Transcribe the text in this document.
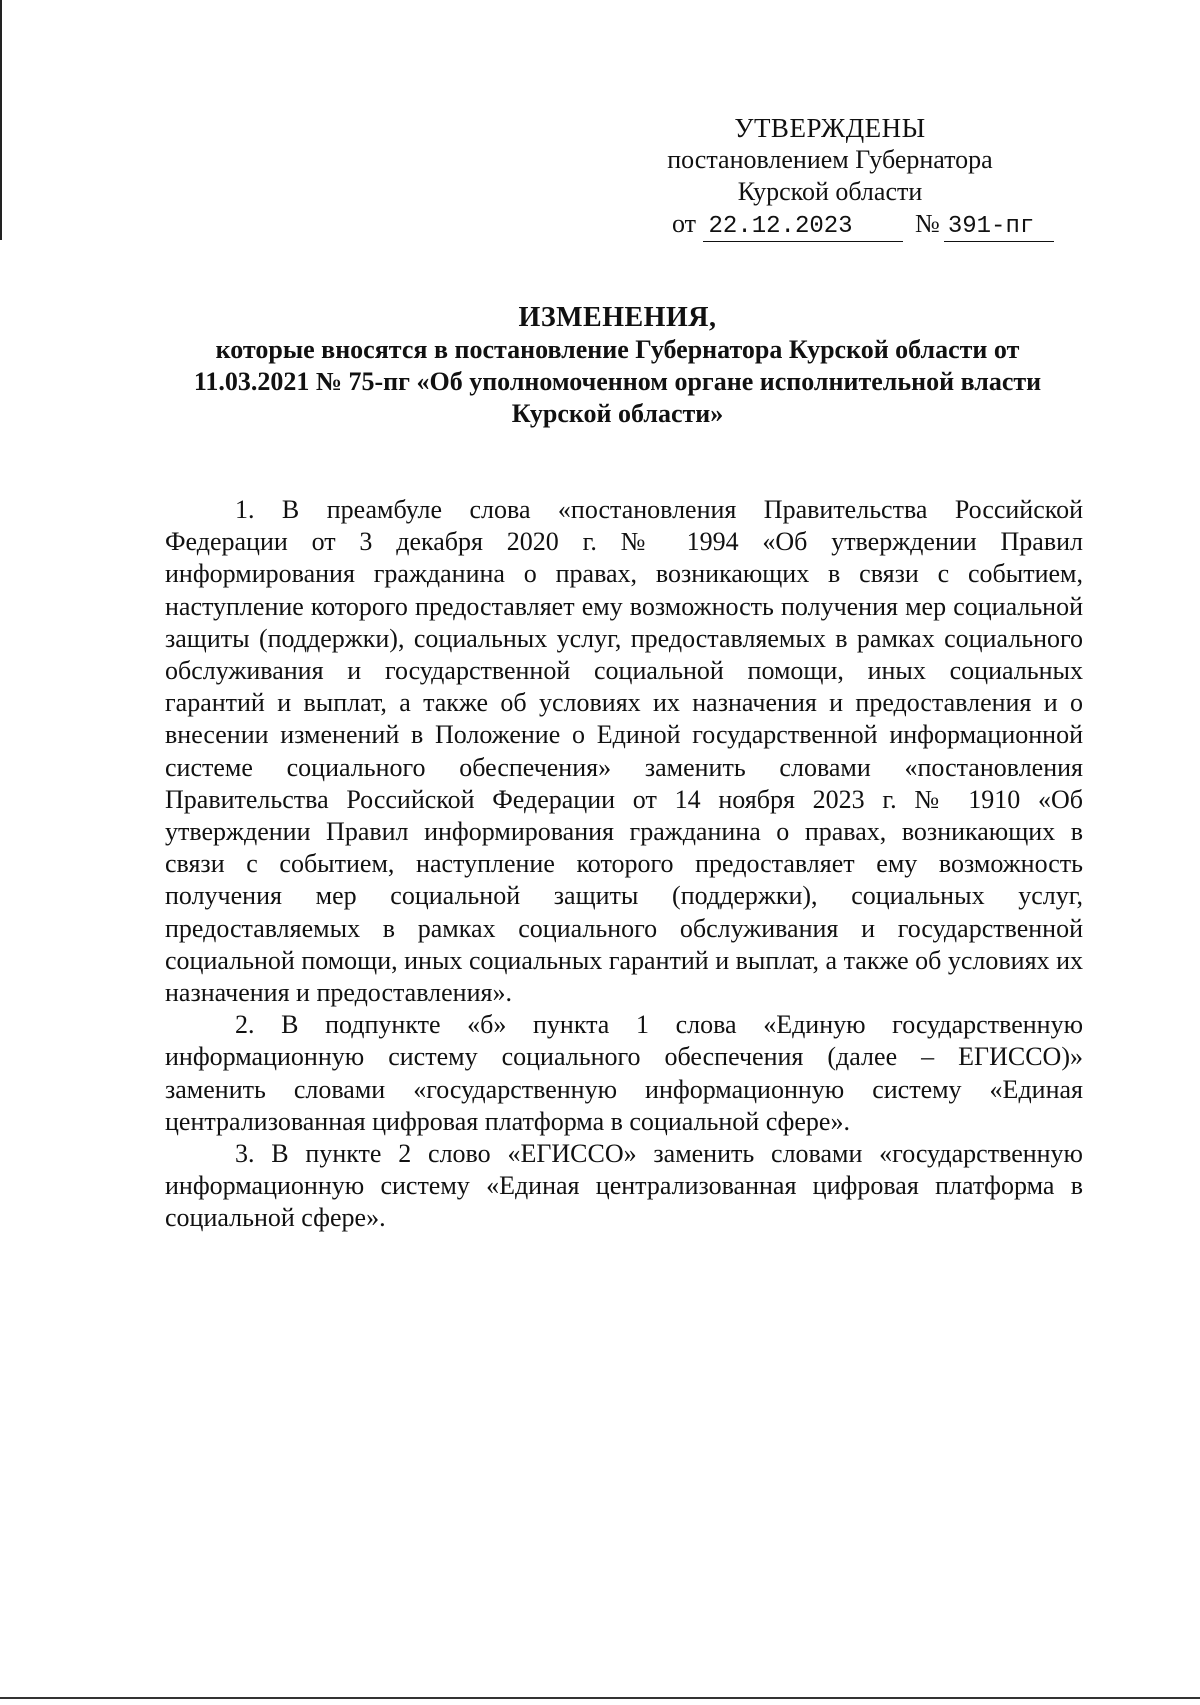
УТВЕРЖДЕНЫ
постановлением Губернатора
Курской области
от 22.12.2023 № 391-пг
ИЗМЕНЕНИЯ,
которые вносятся в постановление Губернатора Курской области от 11.03.2021 № 75-пг «Об уполномоченном органе исполнительной власти Курской области»

1. В преамбуле слова «постановления Правительства Российской Федерации от 3 декабря 2020 г. № 1994 «Об утверждении Правил информирования гражданина о правах, возникающих в связи с событием, наступление которого предоставляет ему возможность получения мер социальной защиты (поддержки), социальных услуг, предоставляемых в рамках социального обслуживания и государственной социальной помощи, иных социальных гарантий и выплат, а также об условиях их назначения и предоставления и о внесении изменений в Положение о Единой государственной информационной системе социального обеспечения» заменить словами «постановления Правительства Российской Федерации от 14 ноября 2023 г. № 1910 «Об утверждении Правил информирования гражданина о правах, возникающих в связи с событием, наступление которого предоставляет ему возможность получения мер социальной защиты (поддержки), социальных услуг, предоставляемых в рамках социального обслуживания и государственной социальной помощи, иных социальных гарантий и выплат, а также об условиях их назначения и предоставления».

2. В подпункте «б» пункта 1 слова «Единую государственную информационную систему социального обеспечения (далее – ЕГИССО)» заменить словами «государственную информационную систему «Единая централизованная цифровая платформа в социальной сфере».

3. В пункте 2 слово «ЕГИССО» заменить словами «государственную информационную систему «Единая централизованная цифровая платформа в социальной сфере».
